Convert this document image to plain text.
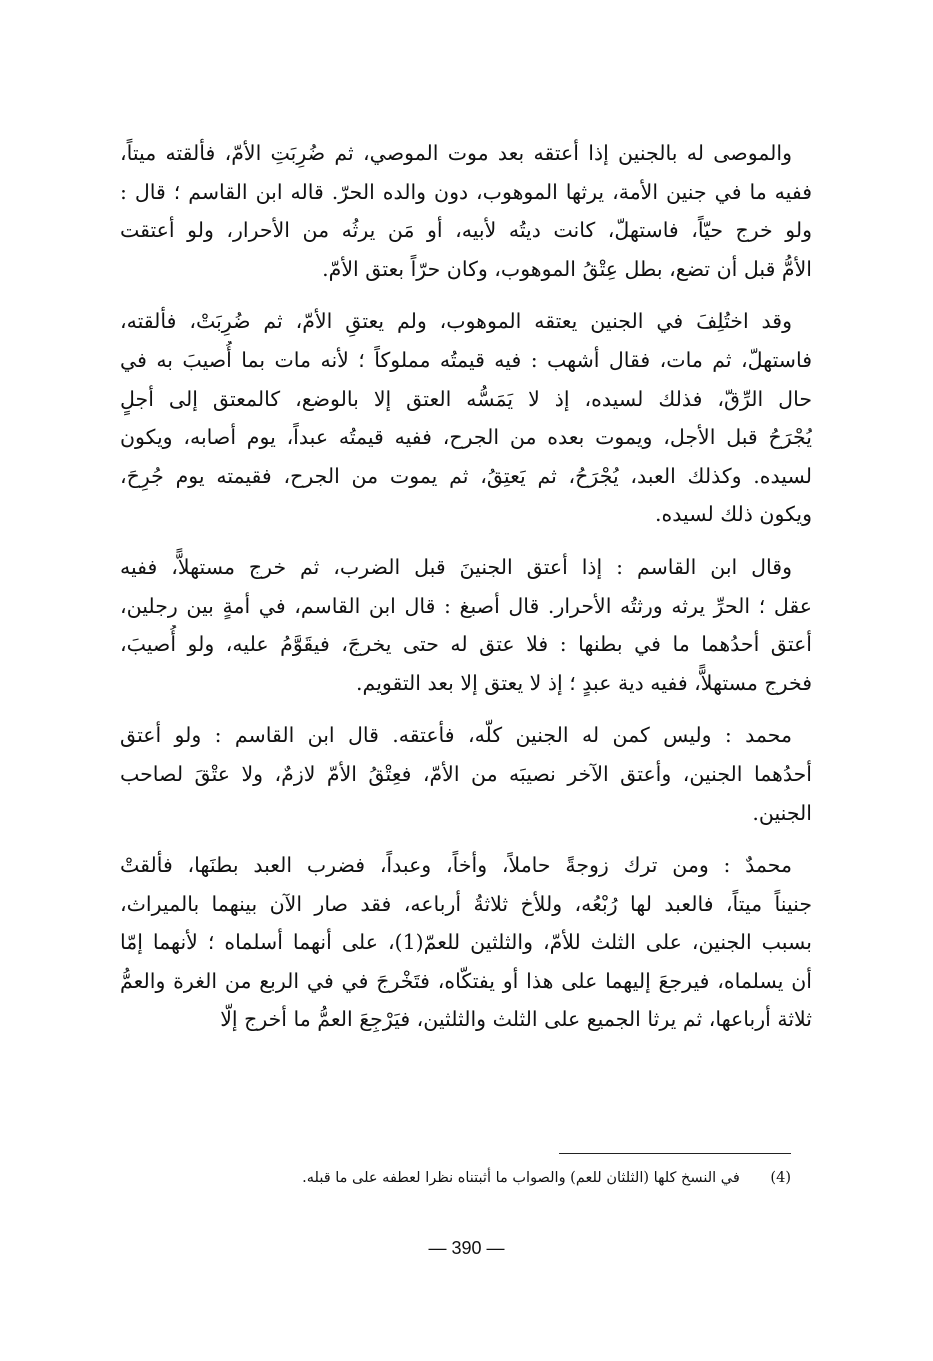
والموصى له بالجنين إذا أعتقه بعد موت الموصي، ثم ضُرِبَتِ الأمّ، فألقته ميتاً،
ففيه ما في جنين الأمة، يرثها الموهوب، دون والده الحرّ. قاله ابن القاسم ؛ قال :
ولو خرج حيّاً، فاستهلّ، كانت ديتُه لأبيه، أو مَن يرثُه من الأحرار، ولو أعتقت
الأمُّ قبل أن تضع، بطل عِتْقُ الموهوب، وكان حرّاً بعتق الأمّ.
وقد اختُلِفَ في الجنين يعتقه الموهوب، ولم يعتقِ الأمّ، ثم ضُرِبَتْ، فألقته،
فاستهلّ، ثم مات، فقال أشهب : فيه قيمتُه مملوكاً ؛ لأنه مات بما أُصيبَ به في
حال الرِّقّ، فذلك لسيده، إذ لا يَمَسُّه العتق إلا بالوضع، كالمعتق إلى أجلٍ
يُجْرَحُ قبل الأجل، ويموت بعده من الجرح، ففيه قيمتُه عبداً، يوم أصابه، ويكون
لسيده. وكذلك العبد، يُجْرَحُ، ثم يَعتِقُ، ثم يموت من الجرح، فقيمته يوم جُرِحَ،
ويكون ذلك لسيده.
وقال ابن القاسم : إذا أعتق الجنينَ قبل الضرب، ثم خرج مستهلاًّ، ففيه
عقل ؛ الحرِّ يرثه ورثتُه الأحرار. قال أصبغ : قال ابن القاسم، في أمةٍ بين رجلين،
أعتق أحدُهما ما في بطنها : فلا عتق له حتى يخرجَ، فيقَوَّمُ عليه، ولو أُصيبَ،
فخرج مستهلاًّ، ففيه دية عبدٍ ؛ إذ لا يعتق إلا بعد التقويم.
محمد : وليس كمن له الجنين كلّه، فأعتقه. قال ابن القاسم : ولو أعتق
أحدُهما الجنين، وأعتق الآخر نصيبَه من الأمّ، فعِتْقُ الأمّ لازمٌ، ولا عتْقَ لصاحب
الجنين.
محمدٌ : ومن ترك زوجةً حاملاً، وأخاً، وعبداً، فضرب العبد بطنَها، فألقتْ
جنيناً ميتاً، فالعبد لها رُبْعُه، وللأخ ثلاثةُ أرباعه، فقد صار الآن بينهما بالميراث،
بسبب الجنين، على الثلث للأمّ، والثلثين للعمّ(1)، على أنهما أسلماه ؛ لأنهما إمّا
أن يسلماه، فيرجعَ إليهما على هذا أو يفتكّاه، فتَخْرجَ في في الربع من الغرة والعمُّ
ثلاثة أرباعها، ثم يرثا الجميع على الثلث والثلثين، فيَرْجِعَ العمُّ ما أخرج إلّا
(4) في النسخ كلها (الثلثان للعم) والصواب ما أثبتناه نظرا لعطفه على ما قبله.
— 390 —
